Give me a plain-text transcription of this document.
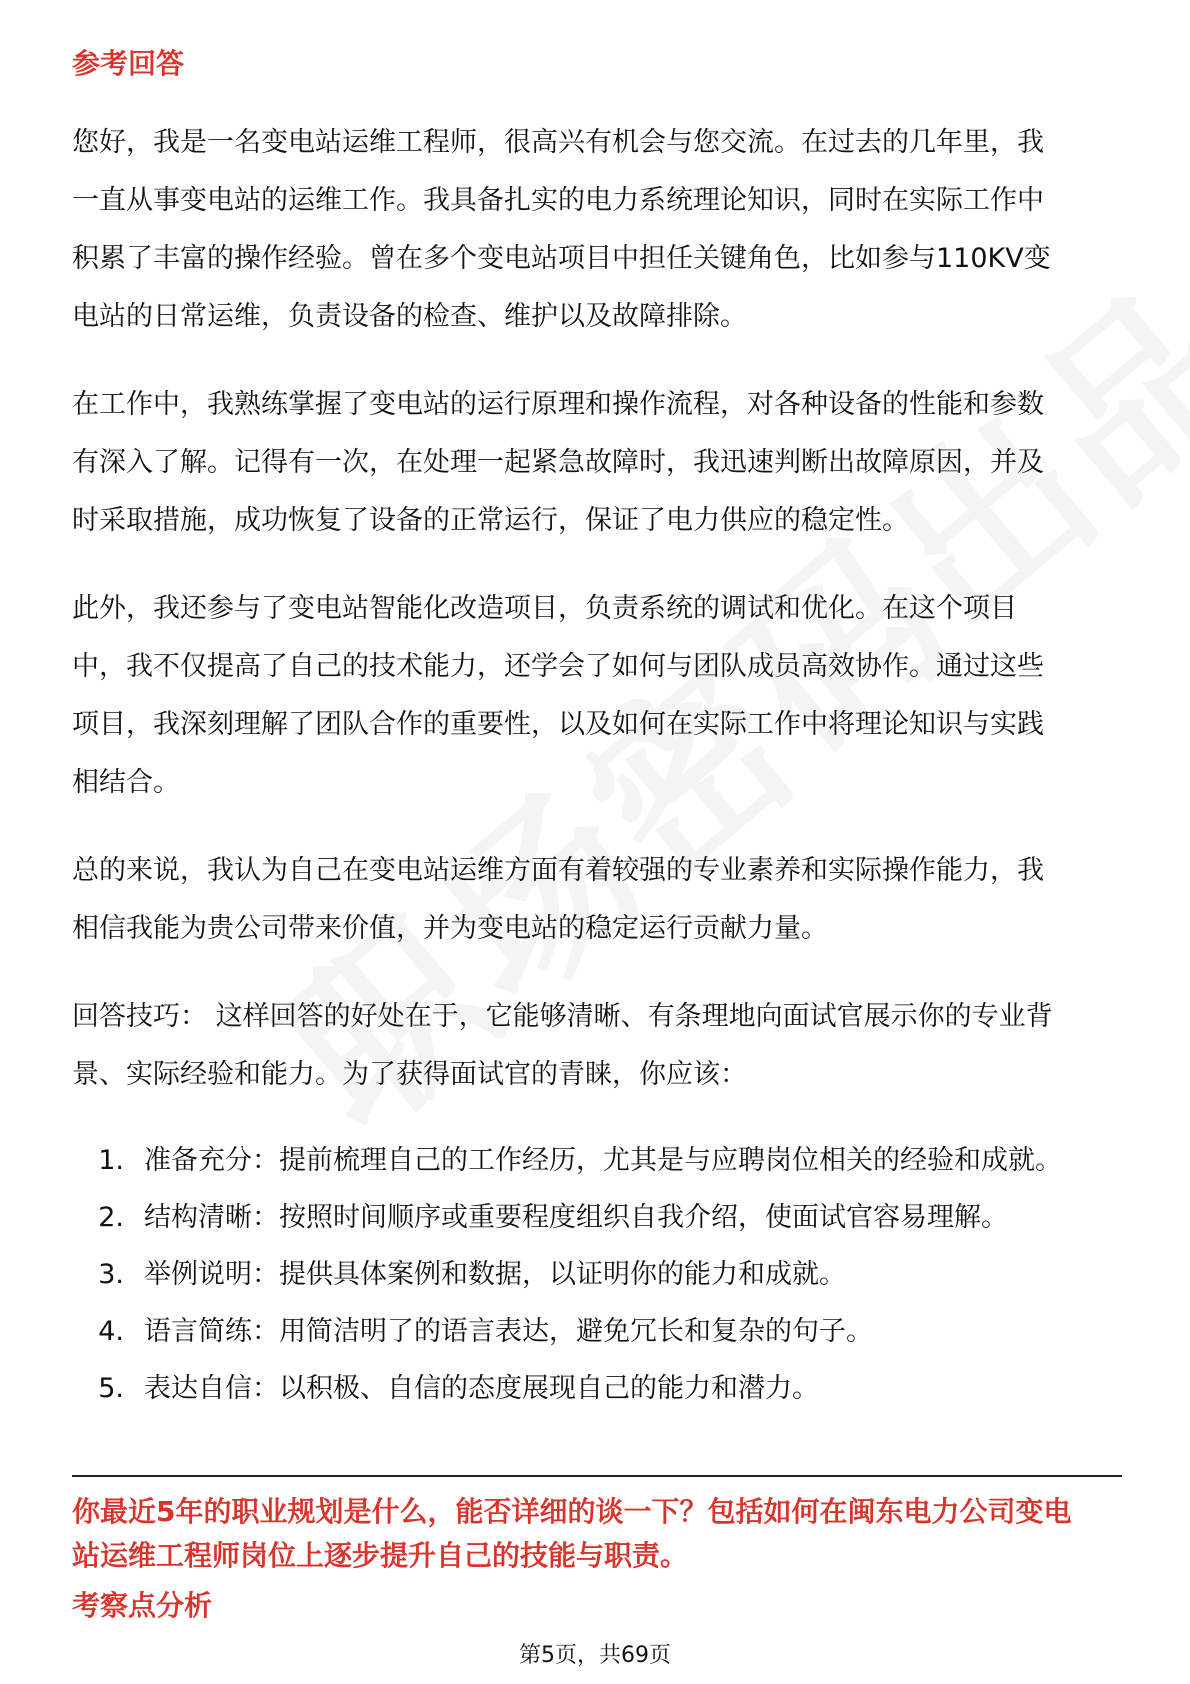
参考回答

您好，我是一名变电站运维工程师，很高兴有机会与您交流。在过去的几年里，我
一直从事变电站的运维工作。我具备扎实的电力系统理论知识，同时在实际工作中
积累了丰富的操作经验。曾在多个变电站项目中担任关键角色，比如参与110KV变
电站的日常运维，负责设备的检查、维护以及故障排除。

在工作中，我熟练掌握了变电站的运行原理和操作流程，对各种设备的性能和参数
有深入了解。记得有一次，在处理一起紧急故障时，我迅速判断出故障原因，并及
时采取措施，成功恢复了设备的正常运行，保证了电力供应的稳定性。

此外，我还参与了变电站智能化改造项目，负责系统的调试和优化。在这个项目
中，我不仅提高了自己的技术能力，还学会了如何与团队成员高效协作。通过这些
项目，我深刻理解了团队合作的重要性，以及如何在实际工作中将理论知识与实践
相结合。

总的来说，我认为自己在变电站运维方面有着较强的专业素养和实际操作能力，我
相信我能为贵公司带来价值，并为变电站的稳定运行贡献力量。

回答技巧： 这样回答的好处在于，它能够清晰、有条理地向面试官展示你的专业背
景、实际经验和能力。为了获得面试官的青睐，你应该：

1. 准备充分：提前梳理自己的工作经历，尤其是与应聘岗位相关的经验和成就。
2. 结构清晰：按照时间顺序或重要程度组织自我介绍，使面试官容易理解。
3. 举例说明：提供具体案例和数据，以证明你的能力和成就。
4. 语言简练：用简洁明了的语言表达，避免冗长和复杂的句子。
5. 表达自信：以积极、自信的态度展现自己的能力和潜力。

你最近5年的职业规划是什么，能否详细的谈一下？包括如何在闽东电力公司变电
站运维工程师岗位上逐步提升自己的技能与职责。

考察点分析
第5页，共69页
